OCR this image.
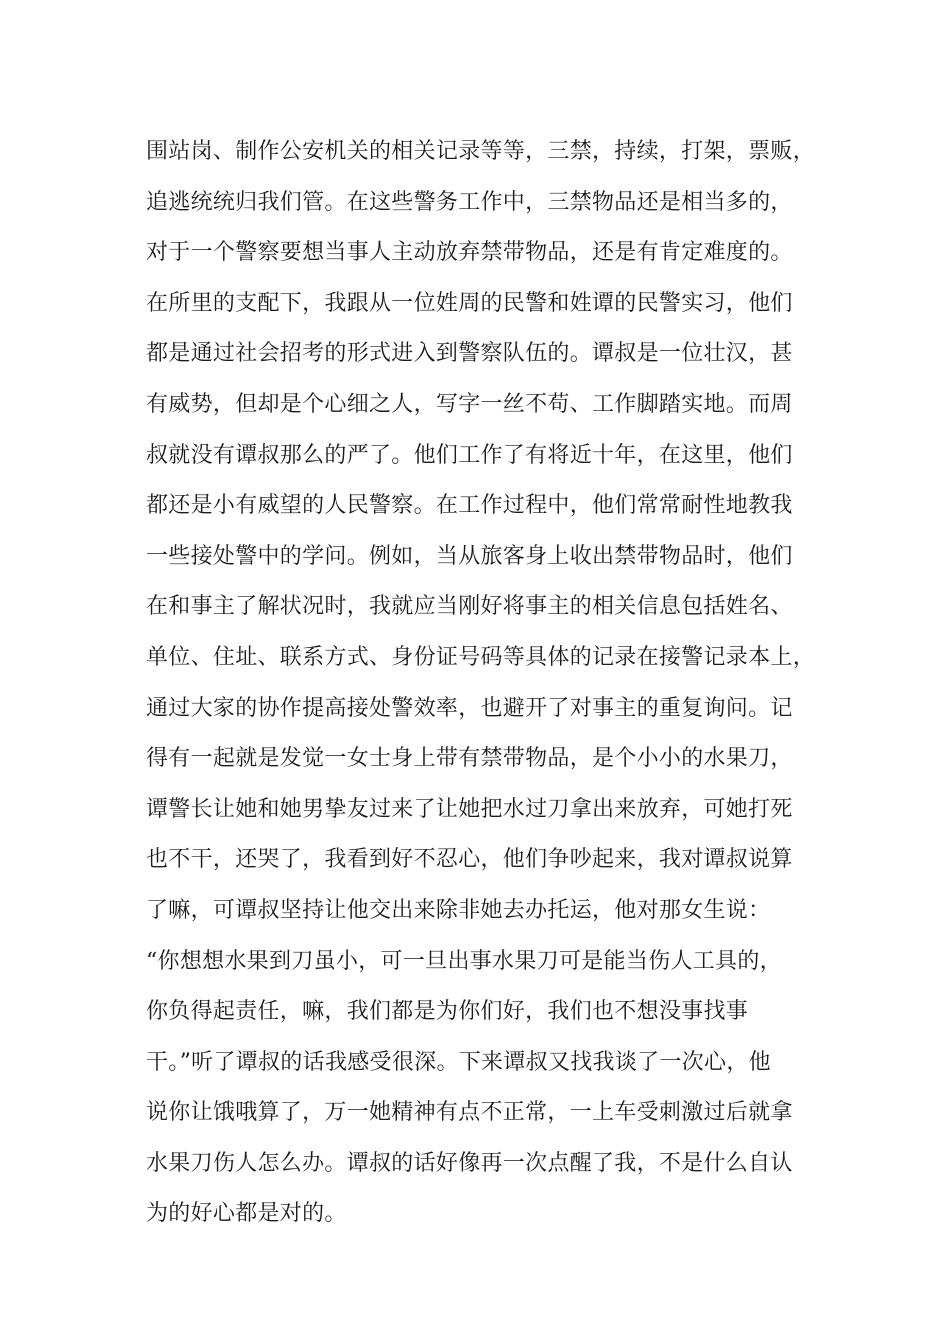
围站岗、制作公安机关的相关记录等等，三禁，持续，打架，票贩，
追逃统统归我们管。在这些警务工作中，三禁物品还是相当多的，
对于一个警察要想当事人主动放弃禁带物品，还是有肯定难度的。
在所里的支配下，我跟从一位姓周的民警和姓谭的民警实习，他们
都是通过社会招考的形式进入到警察队伍的。谭叔是一位壮汉，甚
有威势，但却是个心细之人，写字一丝不苟、工作脚踏实地。而周
叔就没有谭叔那么的严了。他们工作了有将近十年，在这里，他们
都还是小有威望的人民警察。在工作过程中，他们常常耐性地教我
一些接处警中的学问。例如，当从旅客身上收出禁带物品时，他们
在和事主了解状况时，我就应当刚好将事主的相关信息包括姓名、
单位、住址、联系方式、身份证号码等具体的记录在接警记录本上，
通过大家的协作提高接处警效率，也避开了对事主的重复询问。记
得有一起就是发觉一女士身上带有禁带物品，是个小小的水果刀，
谭警长让她和她男挚友过来了让她把水过刀拿出来放弃，可她打死
也不干，还哭了，我看到好不忍心，他们争吵起来，我对谭叔说算
了嘛，可谭叔坚持让他交出来除非她去办托运，他对那女生说：
“你想想水果到刀虽小，可一旦出事水果刀可是能当伤人工具的，
你负得起责任，嘛，我们都是为你们好，我们也不想没事找事
干。”听了谭叔的话我感受很深。下来谭叔又找我谈了一次心，他
说你让饿哦算了，万一她精神有点不正常，一上车受刺激过后就拿
水果刀伤人怎么办。谭叔的话好像再一次点醒了我，不是什么自认
为的好心都是对的。
